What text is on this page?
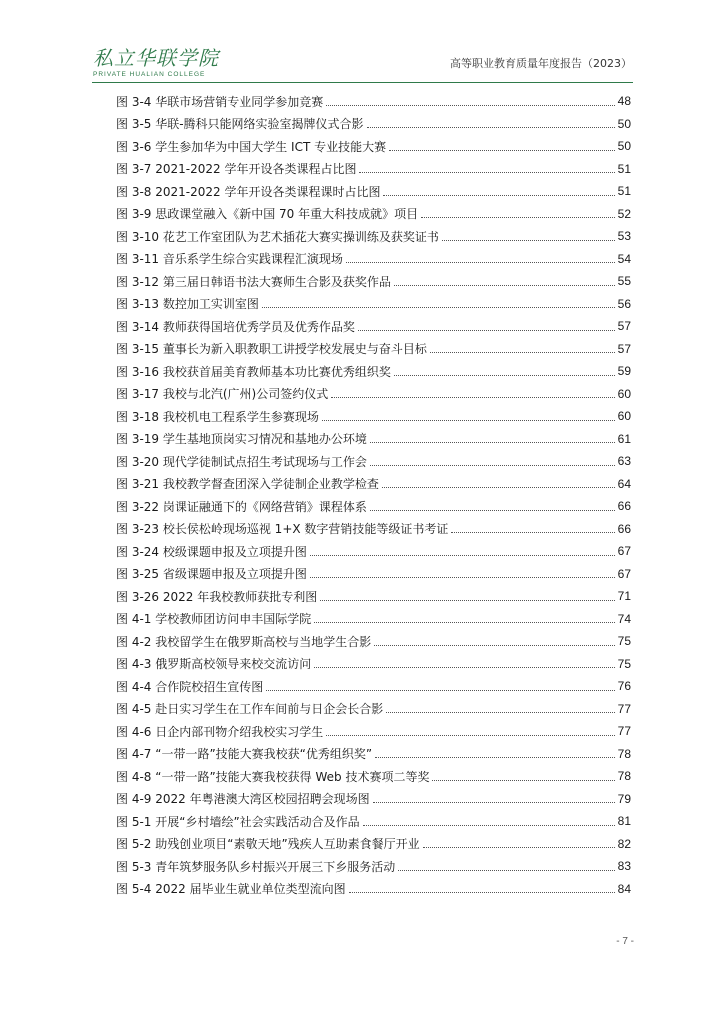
私立华联学院
PRIVATE HUALIAN COLLEGE
高等职业教育质量年度报告（2023）
图 3-4 华联市场营销专业同学参加竞赛	48
图 3-5 华联-腾科只能网络实验室揭牌仪式合影	50
图 3-6 学生参加华为中国大学生 ICT 专业技能大赛	50
图 3-7 2021-2022 学年开设各类课程占比图	51
图 3-8 2021-2022 学年开设各类课程课时占比图	51
图 3-9 思政课堂融入《新中国 70 年重大科技成就》项目	52
图 3-10 花艺工作室团队为艺术插花大赛实操训练及获奖证书	53
图 3-11 音乐系学生综合实践课程汇演现场	54
图 3-12 第三届日韩语书法大赛师生合影及获奖作品	55
图 3-13 数控加工实训室图	56
图 3-14 教师获得国培优秀学员及优秀作品奖	57
图 3-15 董事长为新入职教职工讲授学校发展史与奋斗目标	57
图 3-16 我校获首届美育教师基本功比赛优秀组织奖	59
图 3-17 我校与北汽(广州)公司签约仪式	60
图 3-18 我校机电工程系学生参赛现场	60
图 3-19 学生基地顶岗实习情况和基地办公环境	61
图 3-20 现代学徒制试点招生考试现场与工作会	63
图 3-21 我校教学督查团深入学徒制企业教学检查	64
图 3-22 岗课证融通下的《网络营销》课程体系	66
图 3-23 校长侯松岭现场巡视 1+X 数字营销技能等级证书考证	66
图 3-24 校级课题申报及立项提升图	67
图 3-25 省级课题申报及立项提升图	67
图 3-26 2022 年我校教师获批专利图	71
图 4-1 学校教师团访问申丰国际学院	74
图 4-2 我校留学生在俄罗斯高校与当地学生合影	75
图 4-3 俄罗斯高校领导来校交流访问	75
图 4-4 合作院校招生宣传图	76
图 4-5 赴日实习学生在工作车间前与日企会长合影	77
图 4-6 日企内部刊物介绍我校实习学生	77
图 4-7 “一带一路”技能大赛我校获“优秀组织奖”	78
图 4-8 “一带一路”技能大赛我校获得 Web 技术赛项二等奖	78
图 4-9 2022 年粤港澳大湾区校园招聘会现场图	79
图 5-1 开展“乡村墙绘”社会实践活动合及作品	81
图 5-2 助残创业项目“素敬天地”残疾人互助素食餐厅开业	82
图 5-3 青年筑梦服务队乡村振兴开展三下乡服务活动	83
图 5-4 2022 届毕业生就业单位类型流向图	84
- 7 -
